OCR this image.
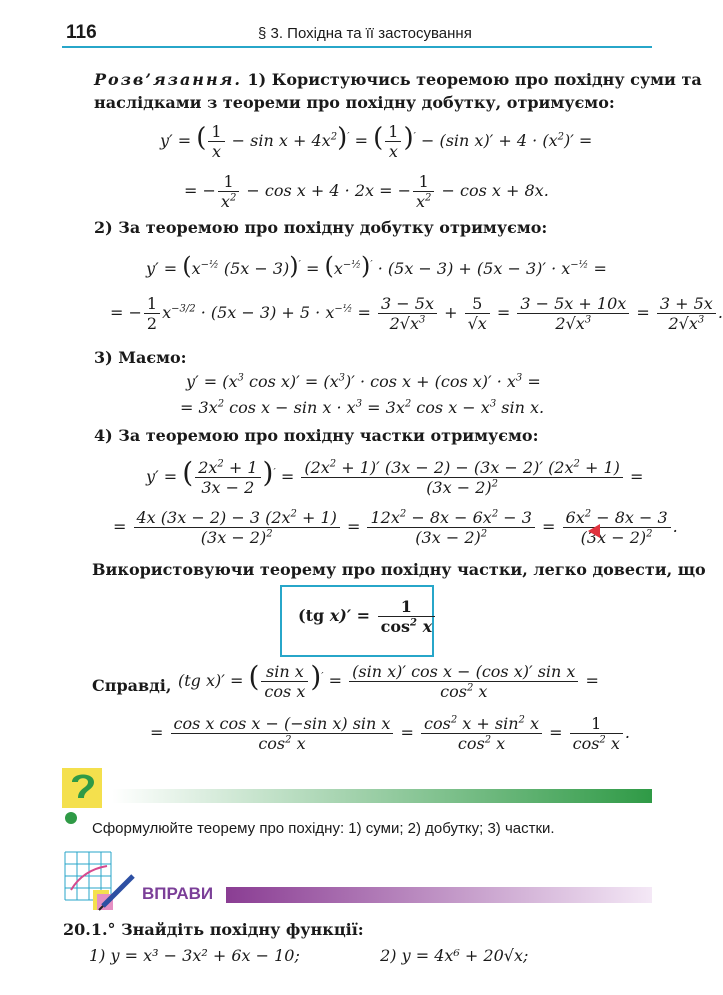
116	§ 3. Похідна та її застосування
Розв’язання. 1) Користуючись теоремою про похідну суми та
наслідками з теореми про похідну добутку, отримуємо:
y′ = ( $\frac{1}{x} - \sin x + 4x^2)'$ = ( $\frac{1}{x} )' - (\sin$ $x)' + 4 \cdot (x^2)'$ =
= − $\frac{1}{x^2} - \cos x + 4 \cdot 2x$ = − $\frac{1}{x^2} - \cos x + 8x$.
2) За теоремою про похідну добутку отримуємо:
$y' = (x^{-\frac{1}{2}}$ $(5x - 3))' = (x^{-\frac{1}{2}})' \cdot (5x - 3) + (5x - 3)' \cdot x^{-\frac{1}{2}}$ =
= − $\frac{1}{2} x^{-3/2} \cdot (5x - 3) + 5 \cdot x^{-\frac{1}{2}} = \frac{3 - 5x}{2√x^3} + \frac{5}{√x} = \frac{3 - 5x + 10x}{2√x^3} = \frac{3 + 5x}{2√x^3}$ .
3) Маємо:
$y' = (x^3$ $\cos x)' = (x^3)' \cdot \cos x + (\cos$ $x)' \cdot x^3$ =
= $3x^2$ $\cos x - \sin x \cdot x^3 = 3x^2$ $\cos x - x^3$ sin x.
4) За теоремою про похідну частки отримуємо:
y′ = ( $\frac{2x^2 + 1}{3x - 2} )' = \frac{(2x^2 + 1)' (3x - 2) - (3x - 2)' (2x^2 + 1)}{(3x - 2)^2}$ =
= $\frac{4x (3x - 2) - 3 (2x^2 + 1)}{(3x - 2)^2} = \frac{12x^2 - 8x - 6x^2 - 3}{(3x - 2)^2} = \frac{6x^2 - 8x - 3}{(3x - 2)^2}$ .
Використовуючи теорему про похідну частки, легко довести, що
(tg $x)' = \frac{1}{\cos^2 x}$
Справді, (tg x)′ = ( $\frac{\text{sin x}}{\text{cos x}} )' = \frac{\text{(sin x)′ cos x − (cos x)′ sin x}}{\cos^2 x}$ =
= $\frac{\text{cos x cos x − (−sin x) sin x}}{\cos^2 x} = \frac{\cos^2 x + \sin^2 x}{\cos^2 x} = \frac{1}{\cos^2 x}$ .
Сформулюйте теорему про похідну: 1) суми; 2) добутку; 3) частки.
ВПРАВИ
20.1.° Знайдіть похідну функції:
1) y = x³ − 3x² + 6x − 10;	2) y = 4x⁶ + 20√x;
